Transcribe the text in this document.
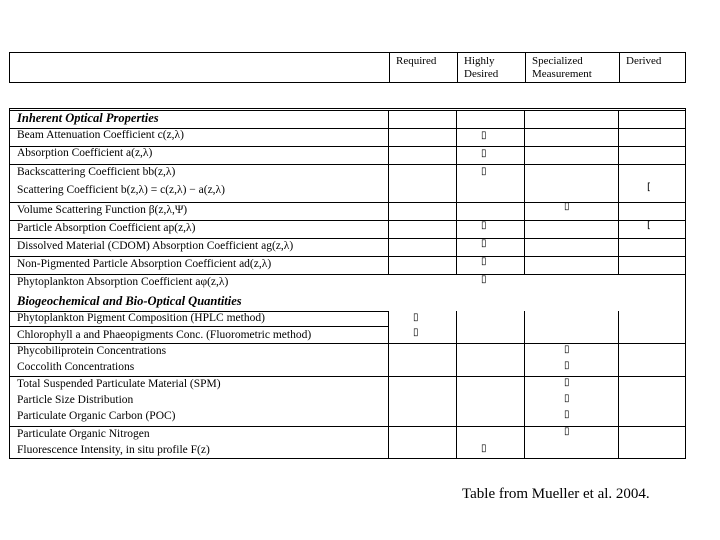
Required	Highly Desired
Specialized Measurement
Derived
Inherent Optical Properties
Beam Attenuation Coefficient c(z,λ)
Absorption Coefficient a(z,λ)
Backscattering Coefficient bb(z,λ)
Scattering Coefficient b(z,λ) = c(z,λ) − a(z,λ)
Volume Scattering Function β(z,λ,Ψ)
Particle Absorption Coefficient ap(z,λ)
Dissolved Material (CDOM) Absorption Coefficient ag(z,λ)
Non-Pigmented Particle Absorption Coefficient ad(z,λ)
Phytoplankton Absorption Coefficient aφ(z,λ)
Biogeochemical and Bio-Optical Quantities
Phytoplankton Pigment Composition (HPLC method)
Chlorophyll a and Phaeopigments Conc. (Fluorometric method)
Phycobiliprotein Concentrations
Coccolith Concentrations
Total Suspended Particulate Material (SPM)
Particle Size Distribution
Particulate Organic Carbon (POC)
Particulate Organic Nitrogen
Fluorescence Intensity, in situ profile F(z)
▯
▯
▯
[
▯
▯	[
▯
▯
▯
▯
▯
▯
▯
▯
▯
▯
▯
▯
Table from Mueller et al. 2004.
